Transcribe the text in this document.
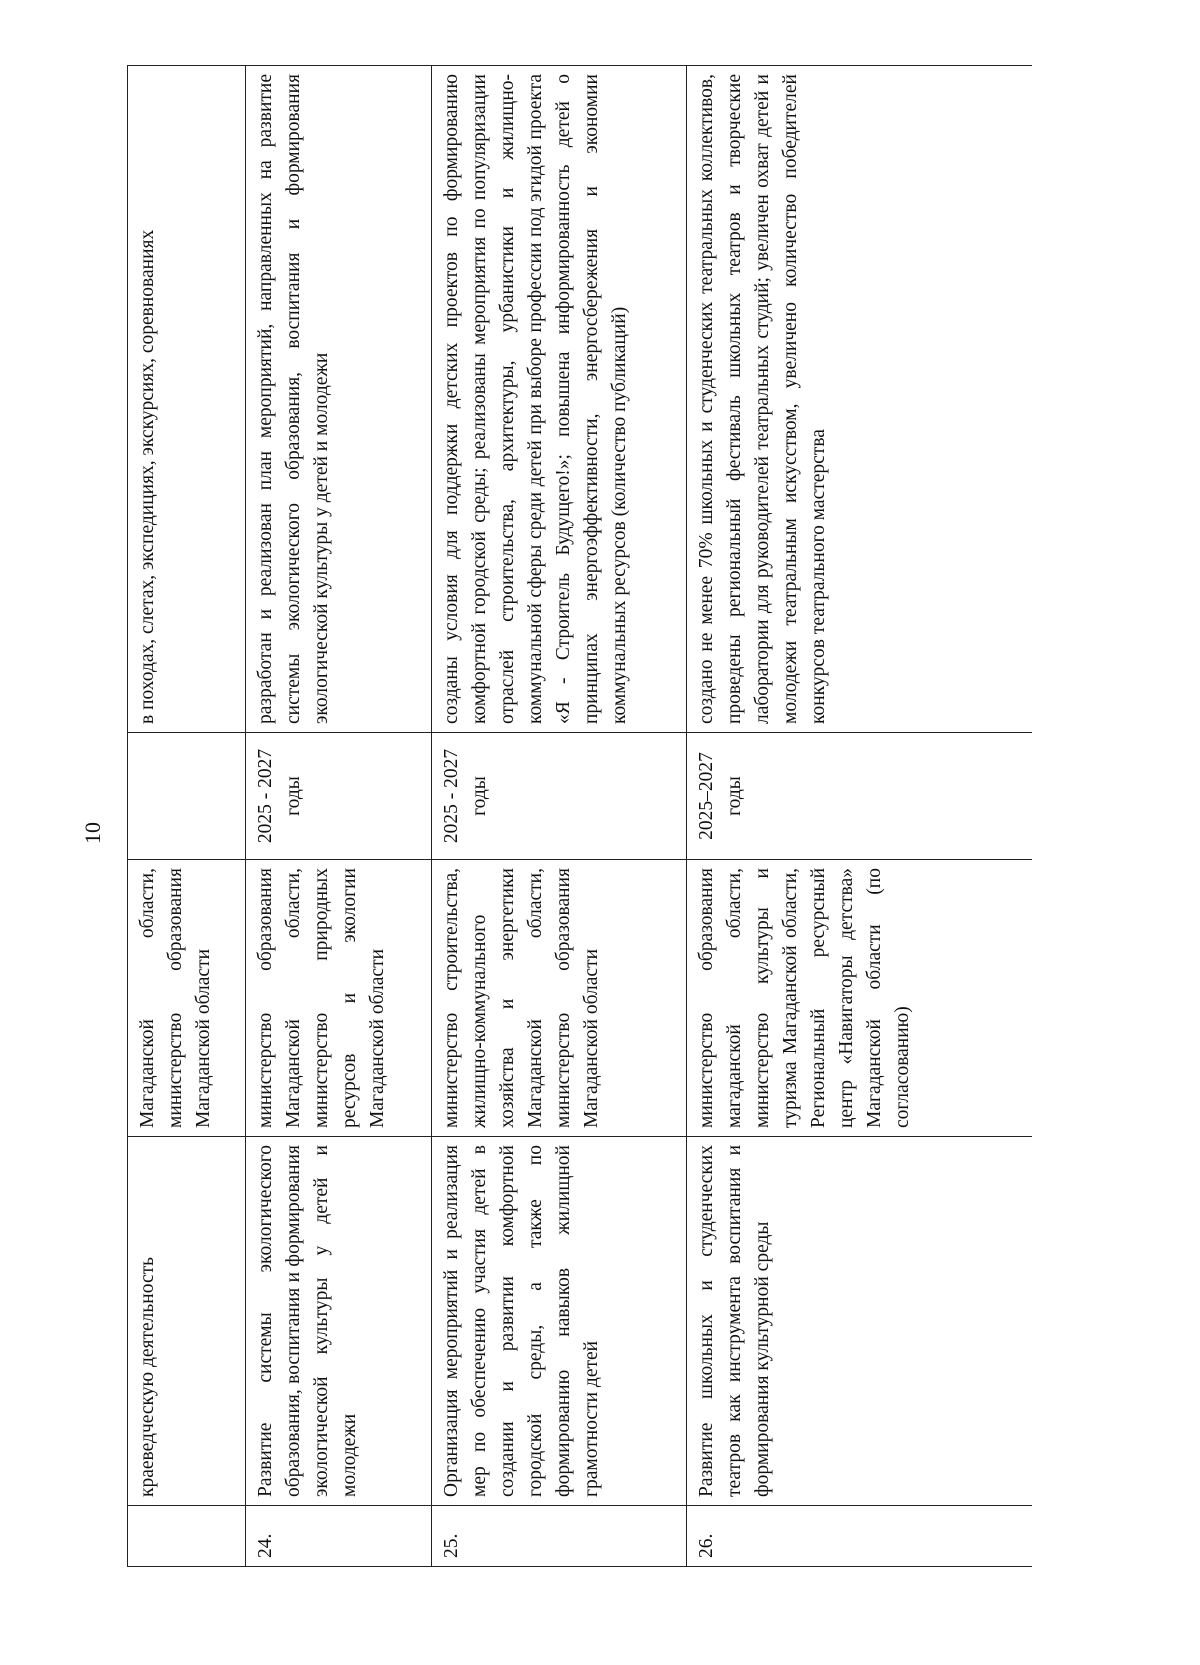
10
	краеведческую деятельность	Магаданской области, министерство образования Магаданской области		в походах, слетах, экспедициях, экскурсиях, соревнованиях
24.	Развитие системы экологического образования, воспитания и формирования экологической культуры у детей и молодежи	министерство образования Магаданской области, министерство природных ресурсов и экологии Магаданской области	2025 - 2027 годы	разработан и реализован план мероприятий, направленных на развитие системы экологического образования, воспитания и формирования экологической культуры у детей и молодежи
25.	Организация мероприятий и реализация мер по обеспечению участия детей в создании и развитии комфортной городской среды, а также по формированию навыков жилищной грамотности детей	министерство строительства, жилищно-коммунального хозяйства и энергетики Магаданской области, министерство образования Магаданской области	2025 - 2027 годы	созданы условия для поддержки детских проектов по формированию комфортной городской среды; реализованы мероприятия по популяризации отраслей строительства, архитектуры, урбанистики и жилищно-коммунальной сферы среди детей при выборе профессии под эгидой проекта «Я - Строитель Будущего!»; повышена информированность детей о принципах энергоэффективности, энергосбережения и экономии коммунальных ресурсов (количество публикаций)
26.	Развитие школьных и студенческих театров как инструмента воспитания и формирования культурной среды	министерство образования магаданской области, министерство культуры и туризма Магаданской области, Региональный ресурсный центр «Навигаторы детства» Магаданской области (по согласованию)	2025–2027 годы	создано не менее 70% школьных и студенческих театральных коллективов, проведены региональный фестиваль школьных театров и творческие лаборатории для руководителей театральных студий; увеличен охват детей и молодежи театральным искусством, увеличено количество победителей конкурсов театрального мастерства
